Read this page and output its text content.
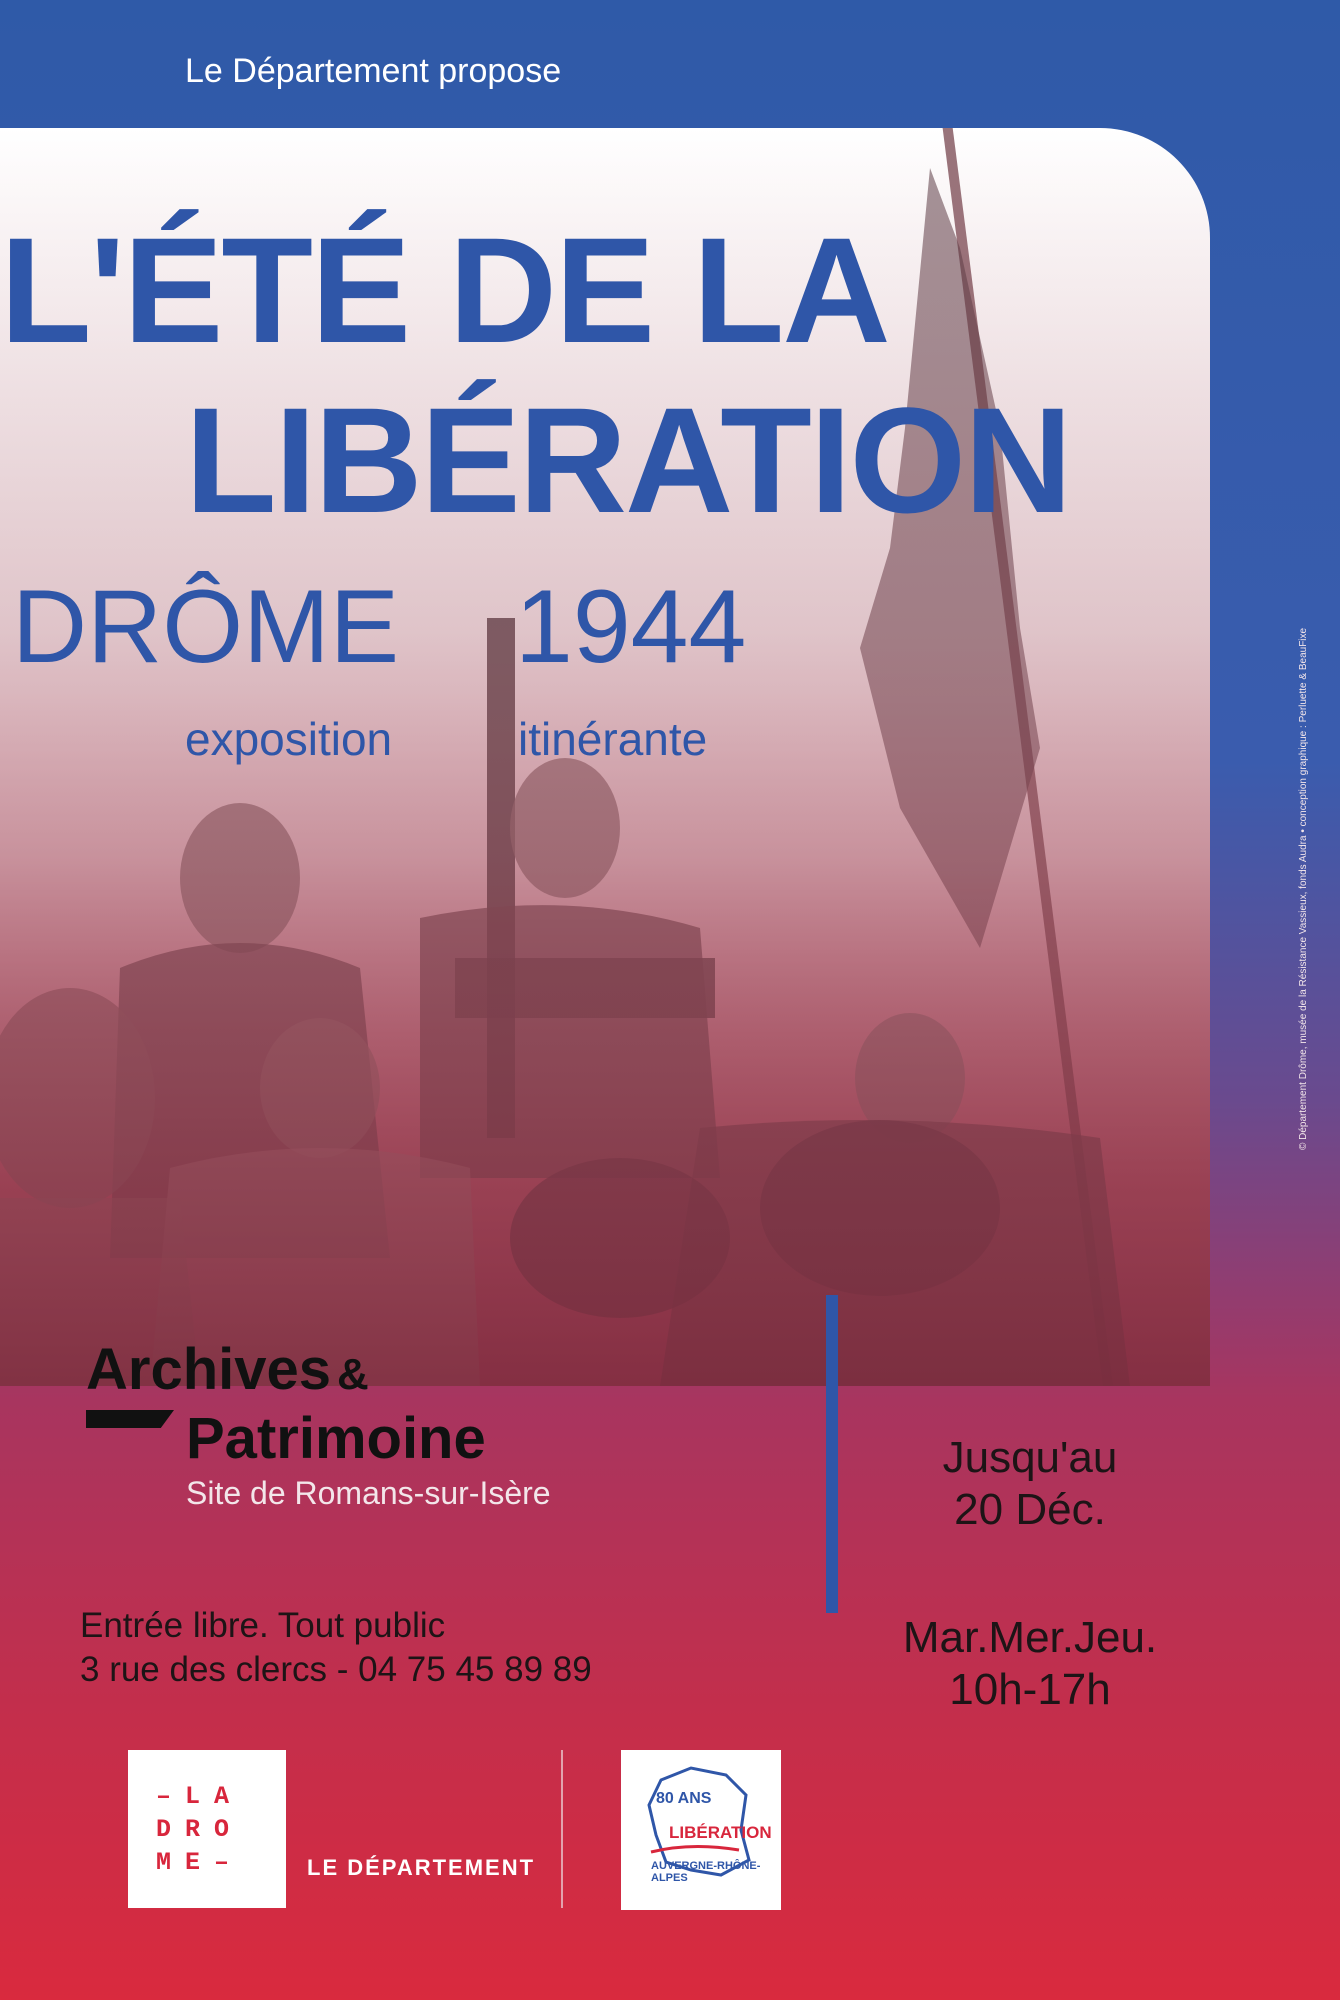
Le Département propose
L'ÉTÉ DE LA
LIBÉRATION
DRÔME 1944
exposition	itinérante
Archives &
Patrimoine
Site de Romans-sur-Isère
Entrée libre. Tout public
3 rue des clercs - 04 75 45 89 89
Jusqu'au
20 Déc.
Mar.Mer.Jeu.
10h-17h
–LA
DRO
ME–	LE DÉPARTEMENT
80 ANS
LIBÉRATION
AUVERGNE-RHÔNE-ALPES
© Département Drôme, musée de la Résistance Vassieux, fonds Audra • conception graphique : Perluette & BeauFixe
